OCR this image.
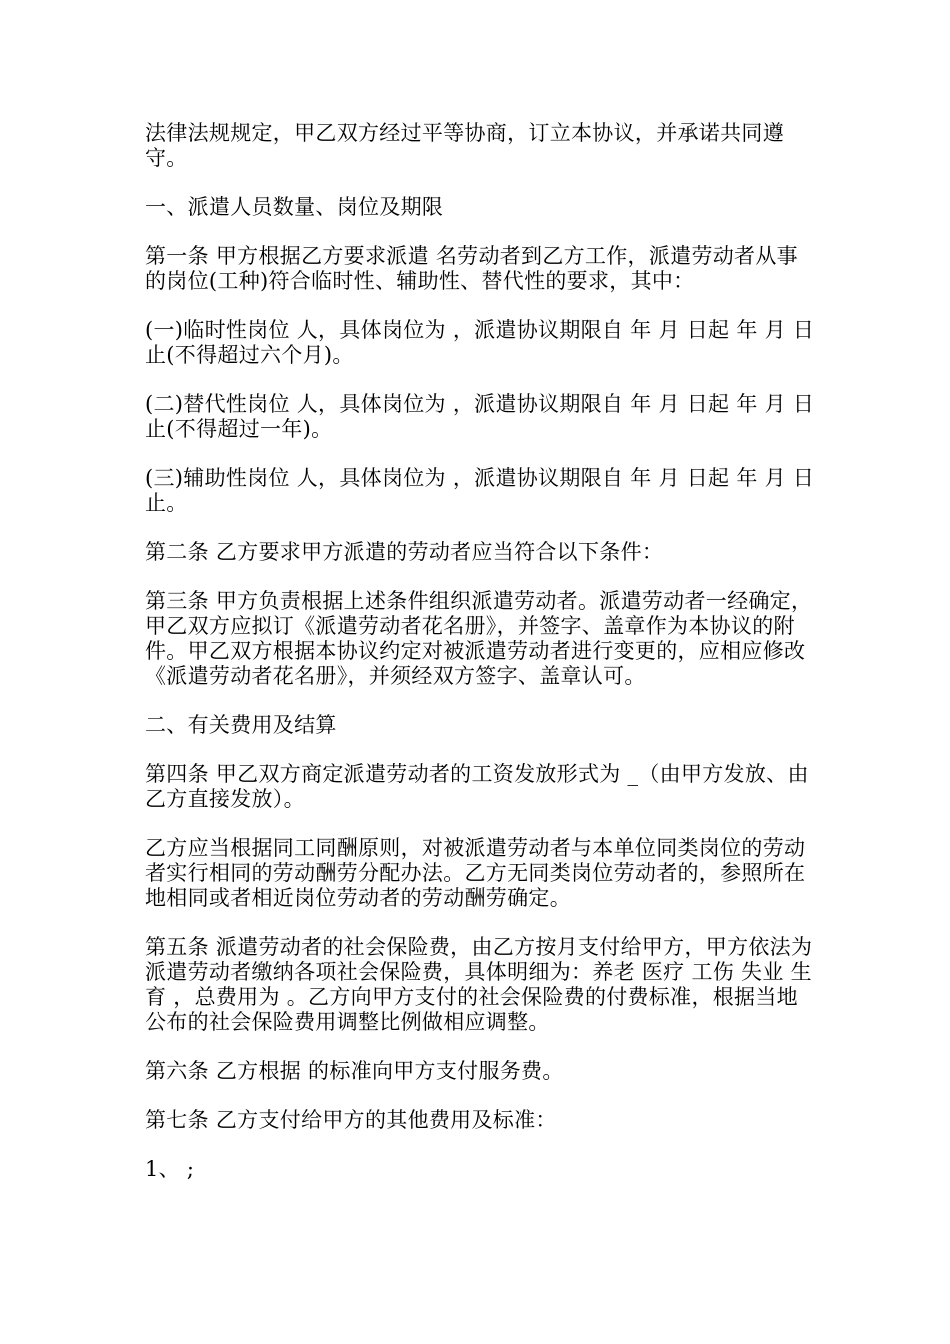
法律法规规定，甲乙双方经过平等协商，订立本协议，并承诺共同遵守。

一、派遣人员数量、岗位及期限

第一条 甲方根据乙方要求派遣 名劳动者到乙方工作，派遣劳动者从事的岗位(工种)符合临时性、辅助性、替代性的要求，其中：

(一)临时性岗位 人，具体岗位为 ，派遣协议期限自 年 月 日起 年 月 日止(不得超过六个月)。

(二)替代性岗位 人，具体岗位为 ，派遣协议期限自 年 月 日起 年 月 日止(不得超过一年)。

(三)辅助性岗位 人，具体岗位为 ，派遣协议期限自 年 月 日起 年 月 日止。

第二条 乙方要求甲方派遣的劳动者应当符合以下条件：

第三条 甲方负责根据上述条件组织派遣劳动者。派遣劳动者一经确定，甲乙双方应拟订《派遣劳动者花名册》，并签字、盖章作为本协议的附件。甲乙双方根据本协议约定对被派遣劳动者进行变更的，应相应修改《派遣劳动者花名册》，并须经双方签字、盖章认可。

二、有关费用及结算

第四条 甲乙双方商定派遣劳动者的工资发放形式为 _（由甲方发放、由乙方直接发放）。

乙方应当根据同工同酬原则，对被派遣劳动者与本单位同类岗位的劳动者实行相同的劳动酬劳分配办法。乙方无同类岗位劳动者的，参照所在地相同或者相近岗位劳动者的劳动酬劳确定。

第五条 派遣劳动者的社会保险费，由乙方按月支付给甲方，甲方依法为派遣劳动者缴纳各项社会保险费，具体明细为：养老 医疗 工伤 失业 生育 ，总费用为 。乙方向甲方支付的社会保险费的付费标准，根据当地公布的社会保险费用调整比例做相应调整。

第六条 乙方根据 的标准向甲方支付服务费。

第七条 乙方支付给甲方的其他费用及标准：

1、 ;
